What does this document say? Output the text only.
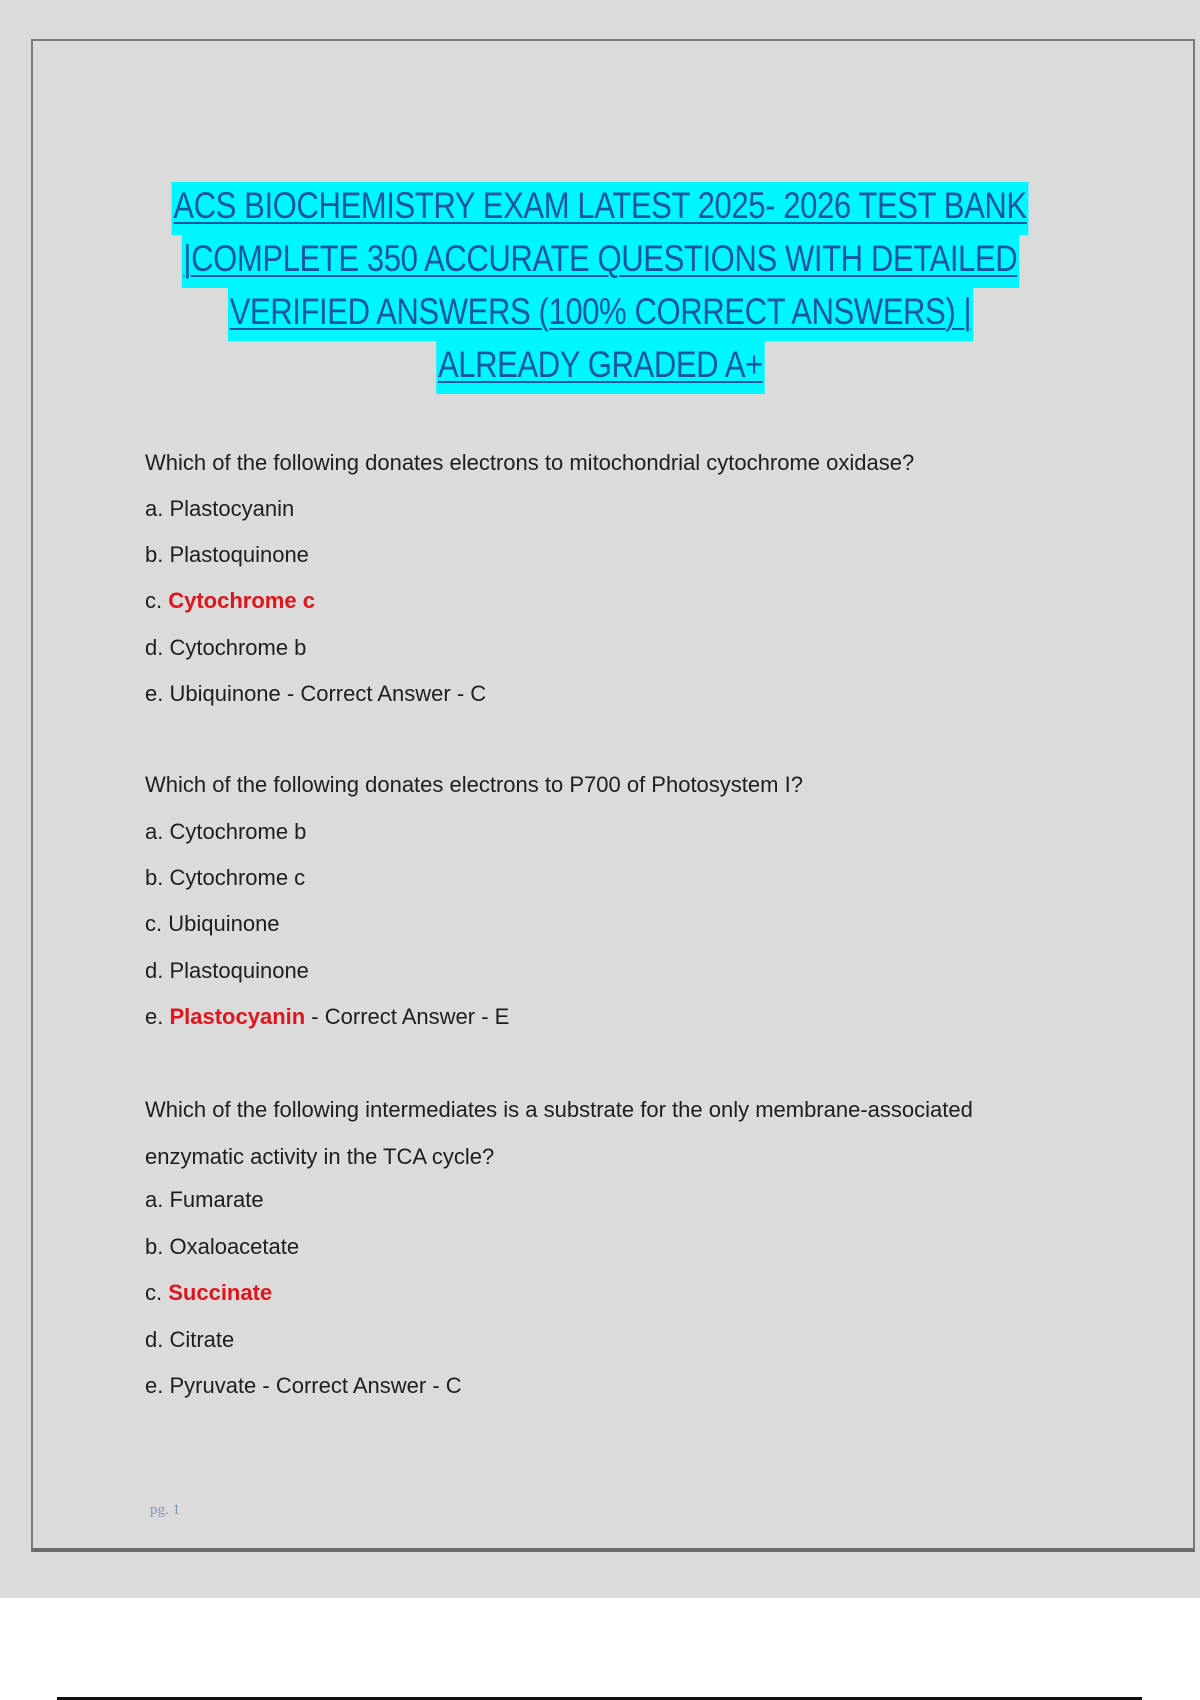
ACS BIOCHEMISTRY EXAM LATEST 2025- 2026 TEST BANK
|COMPLETE 350 ACCURATE QUESTIONS WITH DETAILED
VERIFIED ANSWERS (100% CORRECT ANSWERS) |
ALREADY GRADED A+
Which of the following donates electrons to mitochondrial cytochrome oxidase?
a. Plastocyanin
b. Plastoquinone
c. Cytochrome c
d. Cytochrome b
e. Ubiquinone - Correct Answer - C
Which of the following donates electrons to P700 of Photosystem I?
a. Cytochrome b
b. Cytochrome c
c. Ubiquinone
d. Plastoquinone
e. Plastocyanin - Correct Answer - E
Which of the following intermediates is a substrate for the only membrane-associated
enzymatic activity in the TCA cycle?
a. Fumarate
b. Oxaloacetate
c. Succinate
d. Citrate
e. Pyruvate - Correct Answer - C
pg. 1
